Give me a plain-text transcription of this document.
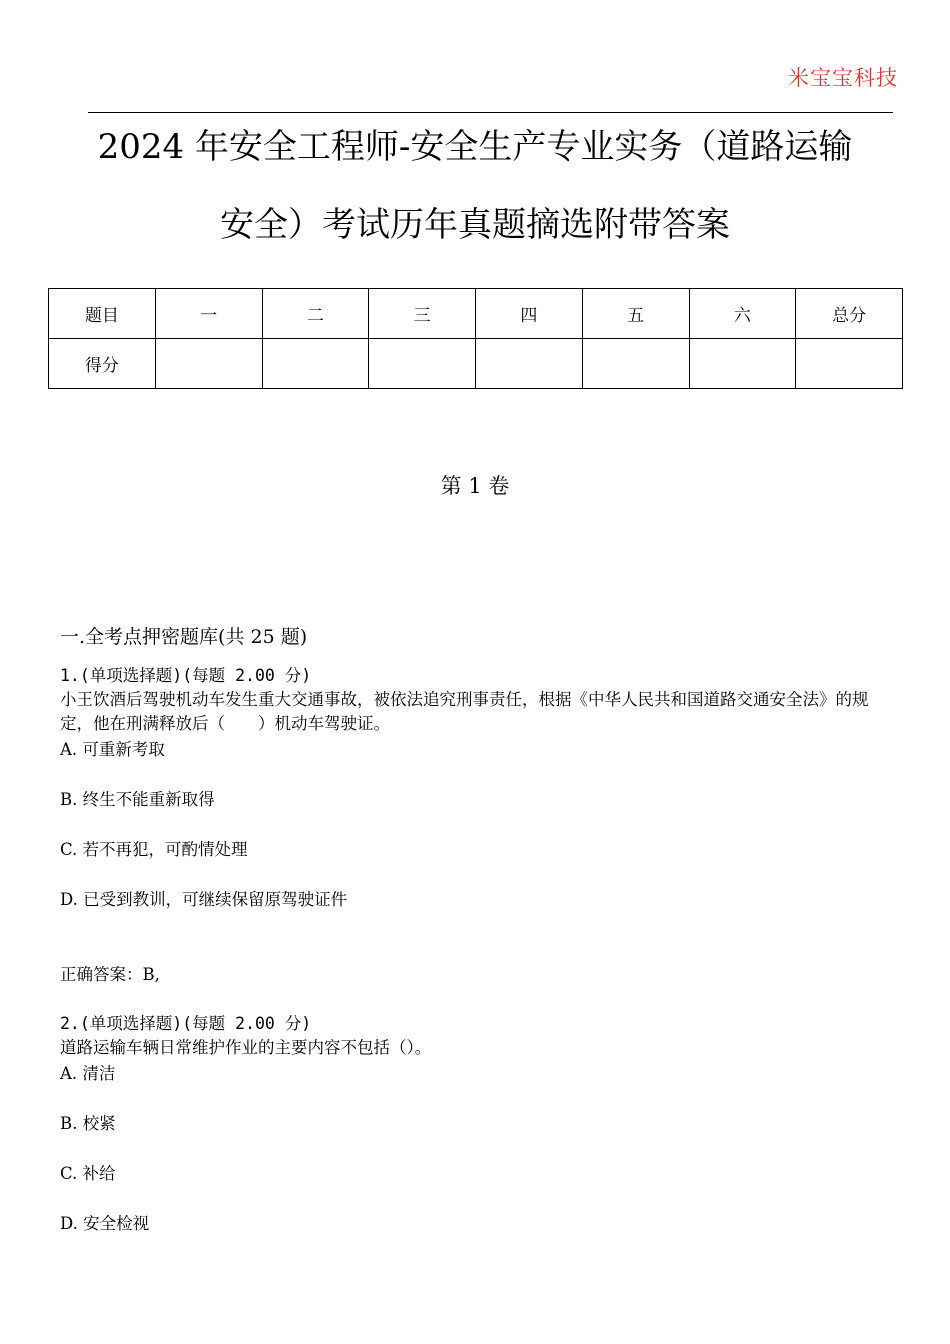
米宝宝科技
2024 年安全工程师-安全生产专业实务（道路运输
安全）考试历年真题摘选附带答案
题目	一	二	三	四	五	六	总分
得分							
第 1 卷
一.全考点押密题库(共 25 题)
1.(单项选择题)(每题 2.00 分)
小王饮酒后驾驶机动车发生重大交通事故，被依法追究刑事责任，根据《中华人民共和国道路交通安全法》的规定，他在刑满释放后（　　）机动车驾驶证。
A. 可重新考取
B. 终生不能重新取得
C. 若不再犯，可酌情处理
D. 已受到教训，可继续保留原驾驶证件
正确答案：B,
2.(单项选择题)(每题 2.00 分)
道路运输车辆日常维护作业的主要内容不包括（）。
A. 清洁
B. 校紧
C. 补给
D. 安全检视
